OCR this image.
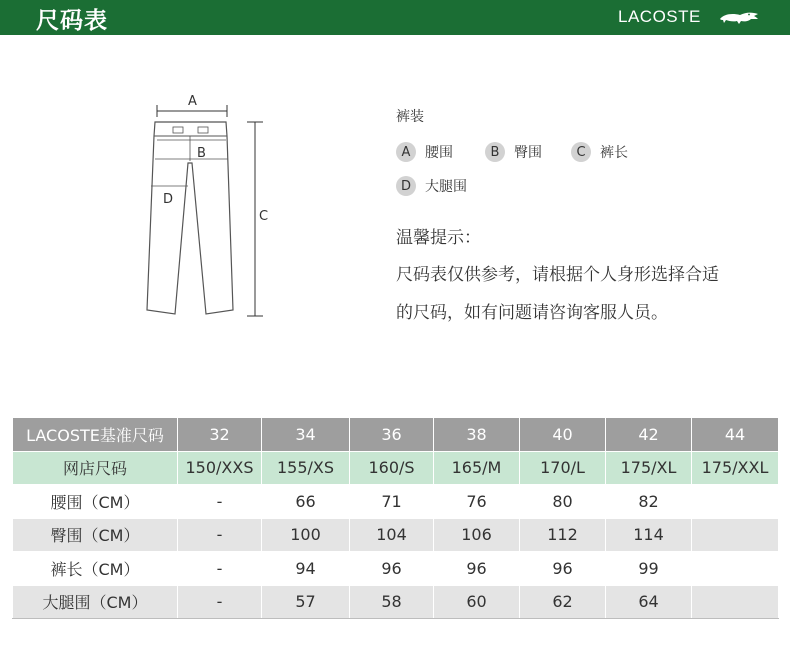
尺码表	LACOSTE
A
B
D
C
裤装
A	腰围	B	臀围	C	裤长
D	大腿围
温馨提示：
尺码表仅供参考，请根据个人身形选择合适
的尺码，如有问题请咨询客服人员。
LACOSTE基准尺码	32	34	36	38	40	42	44
网店尺码	150/XXS	155/XS	160/S	165/M	170/L	175/XL	175/XXL
腰围（CM）	-	66	71	76	80	82	
臀围（CM）	-	100	104	106	112	114	
裤长（CM）	-	94	96	96	96	99	
大腿围（CM）	-	57	58	60	62	64	
